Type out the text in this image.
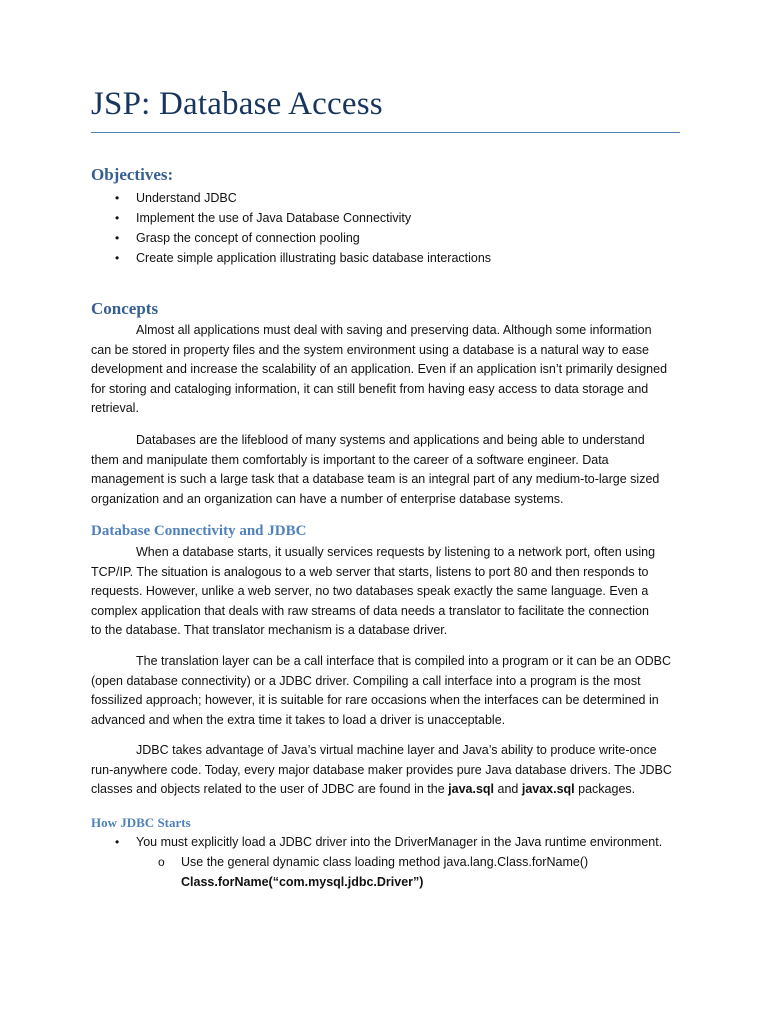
JSP: Database Access
Objectives:
• Understand JDBC
• Implement the use of Java Database Connectivity
• Grasp the concept of connection pooling
• Create simple application illustrating basic database interactions
Concepts

Almost all applications must deal with saving and preserving data. Although some information
can be stored in property files and the system environment using a database is a natural way to ease
development and increase the scalability of an application. Even if an application isn’t primarily designed
for storing and cataloging information, it can still benefit from having easy access to data storage and
retrieval.

Databases are the lifeblood of many systems and applications and being able to understand
them and manipulate them comfortably is important to the career of a software engineer. Data
management is such a large task that a database team is an integral part of any medium-to-large sized
organization and an organization can have a number of enterprise database systems.

Database Connectivity and JDBC

When a database starts, it usually services requests by listening to a network port, often using
TCP/IP. The situation is analogous to a web server that starts, listens to port 80 and then responds to
requests. However, unlike a web server, no two databases speak exactly the same language. Even a
complex application that deals with raw streams of data needs a translator to facilitate the connection
to the database. That translator mechanism is a database driver.

The translation layer can be a call interface that is compiled into a program or it can be an ODBC
(open database connectivity) or a JDBC driver. Compiling a call interface into a program is the most
fossilized approach; however, it is suitable for rare occasions when the interfaces can be determined in
advanced and when the extra time it takes to load a driver is unacceptable.

JDBC takes advantage of Java’s virtual machine layer and Java’s ability to produce write-once
run-anywhere code. Today, every major database maker provides pure Java database drivers. The JDBC
classes and objects related to the user of JDBC are found in the java.sql and javax.sql packages.

How JDBC Starts
• You must explicitly load a JDBC driver into the DriverManager in the Java runtime environment.
o Use the general dynamic class loading method java.lang.Class.forName()
Class.forName(“com.mysql.jdbc.Driver”)
